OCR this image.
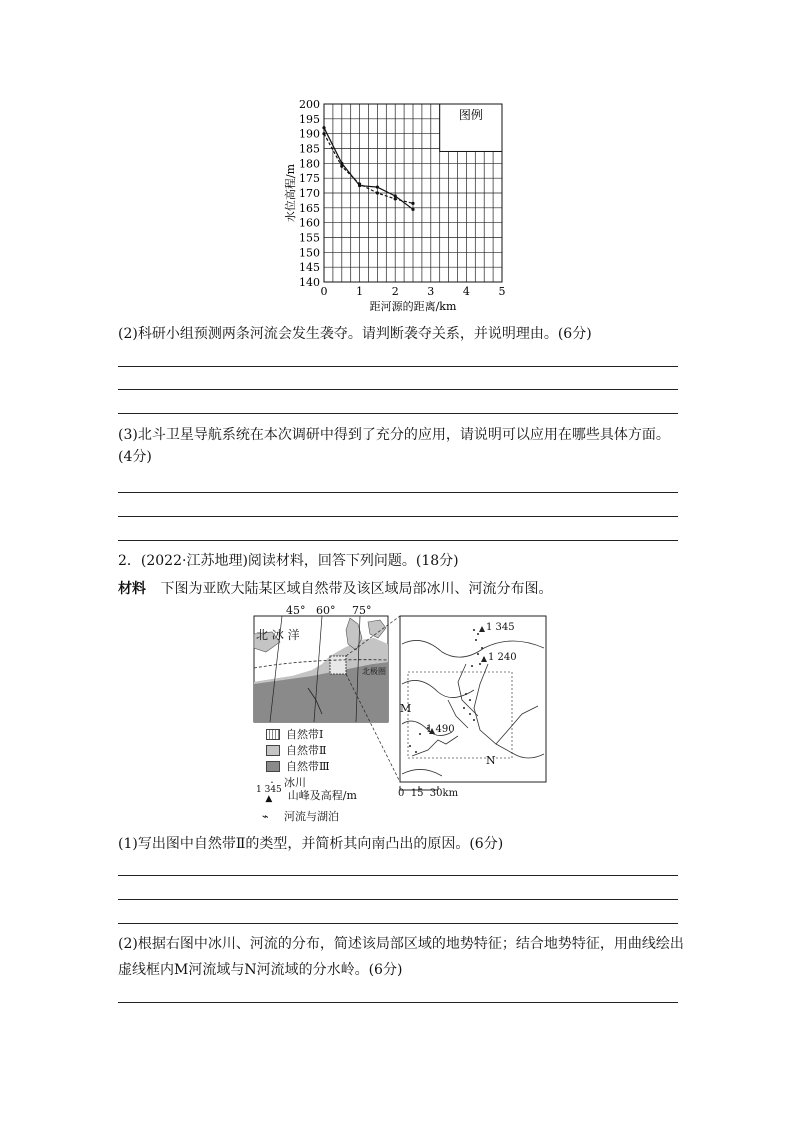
图例
200
195
190
185
180
175
170
165
160
155
150
145
140
0	1	2	3	4	5
距河源的距离/km
水位高程/m
(2)科研小组预测两条河流会发生袭夺。请判断袭夺关系，并说明理由。(6分)
(3)北斗卫星导航系统在本次调研中得到了充分的应用，请说明可以应用在哪些具体方面。(4分)
2．(2022·江苏地理)阅读材料，回答下列问题。(18分)
材料 下图为亚欧大陆某区域自然带及该区域局部冰川、河流分布图。
45° 60° 75°
北 冰 洋
北极圈
1 345
1 240
1 490
M
N
0  15  30km
自然带Ⅰ
自然带Ⅱ
自然带Ⅲ
· 冰川
1 345
▲	山峰及高程/m
⌁	河流与湖泊
(1)写出图中自然带Ⅱ的类型，并简析其向南凸出的原因。(6分)
(2)根据右图中冰川、河流的分布，简述该局部区域的地势特征；结合地势特征，用曲线绘出
虚线框内M河流域与N河流域的分水岭。(6分)
